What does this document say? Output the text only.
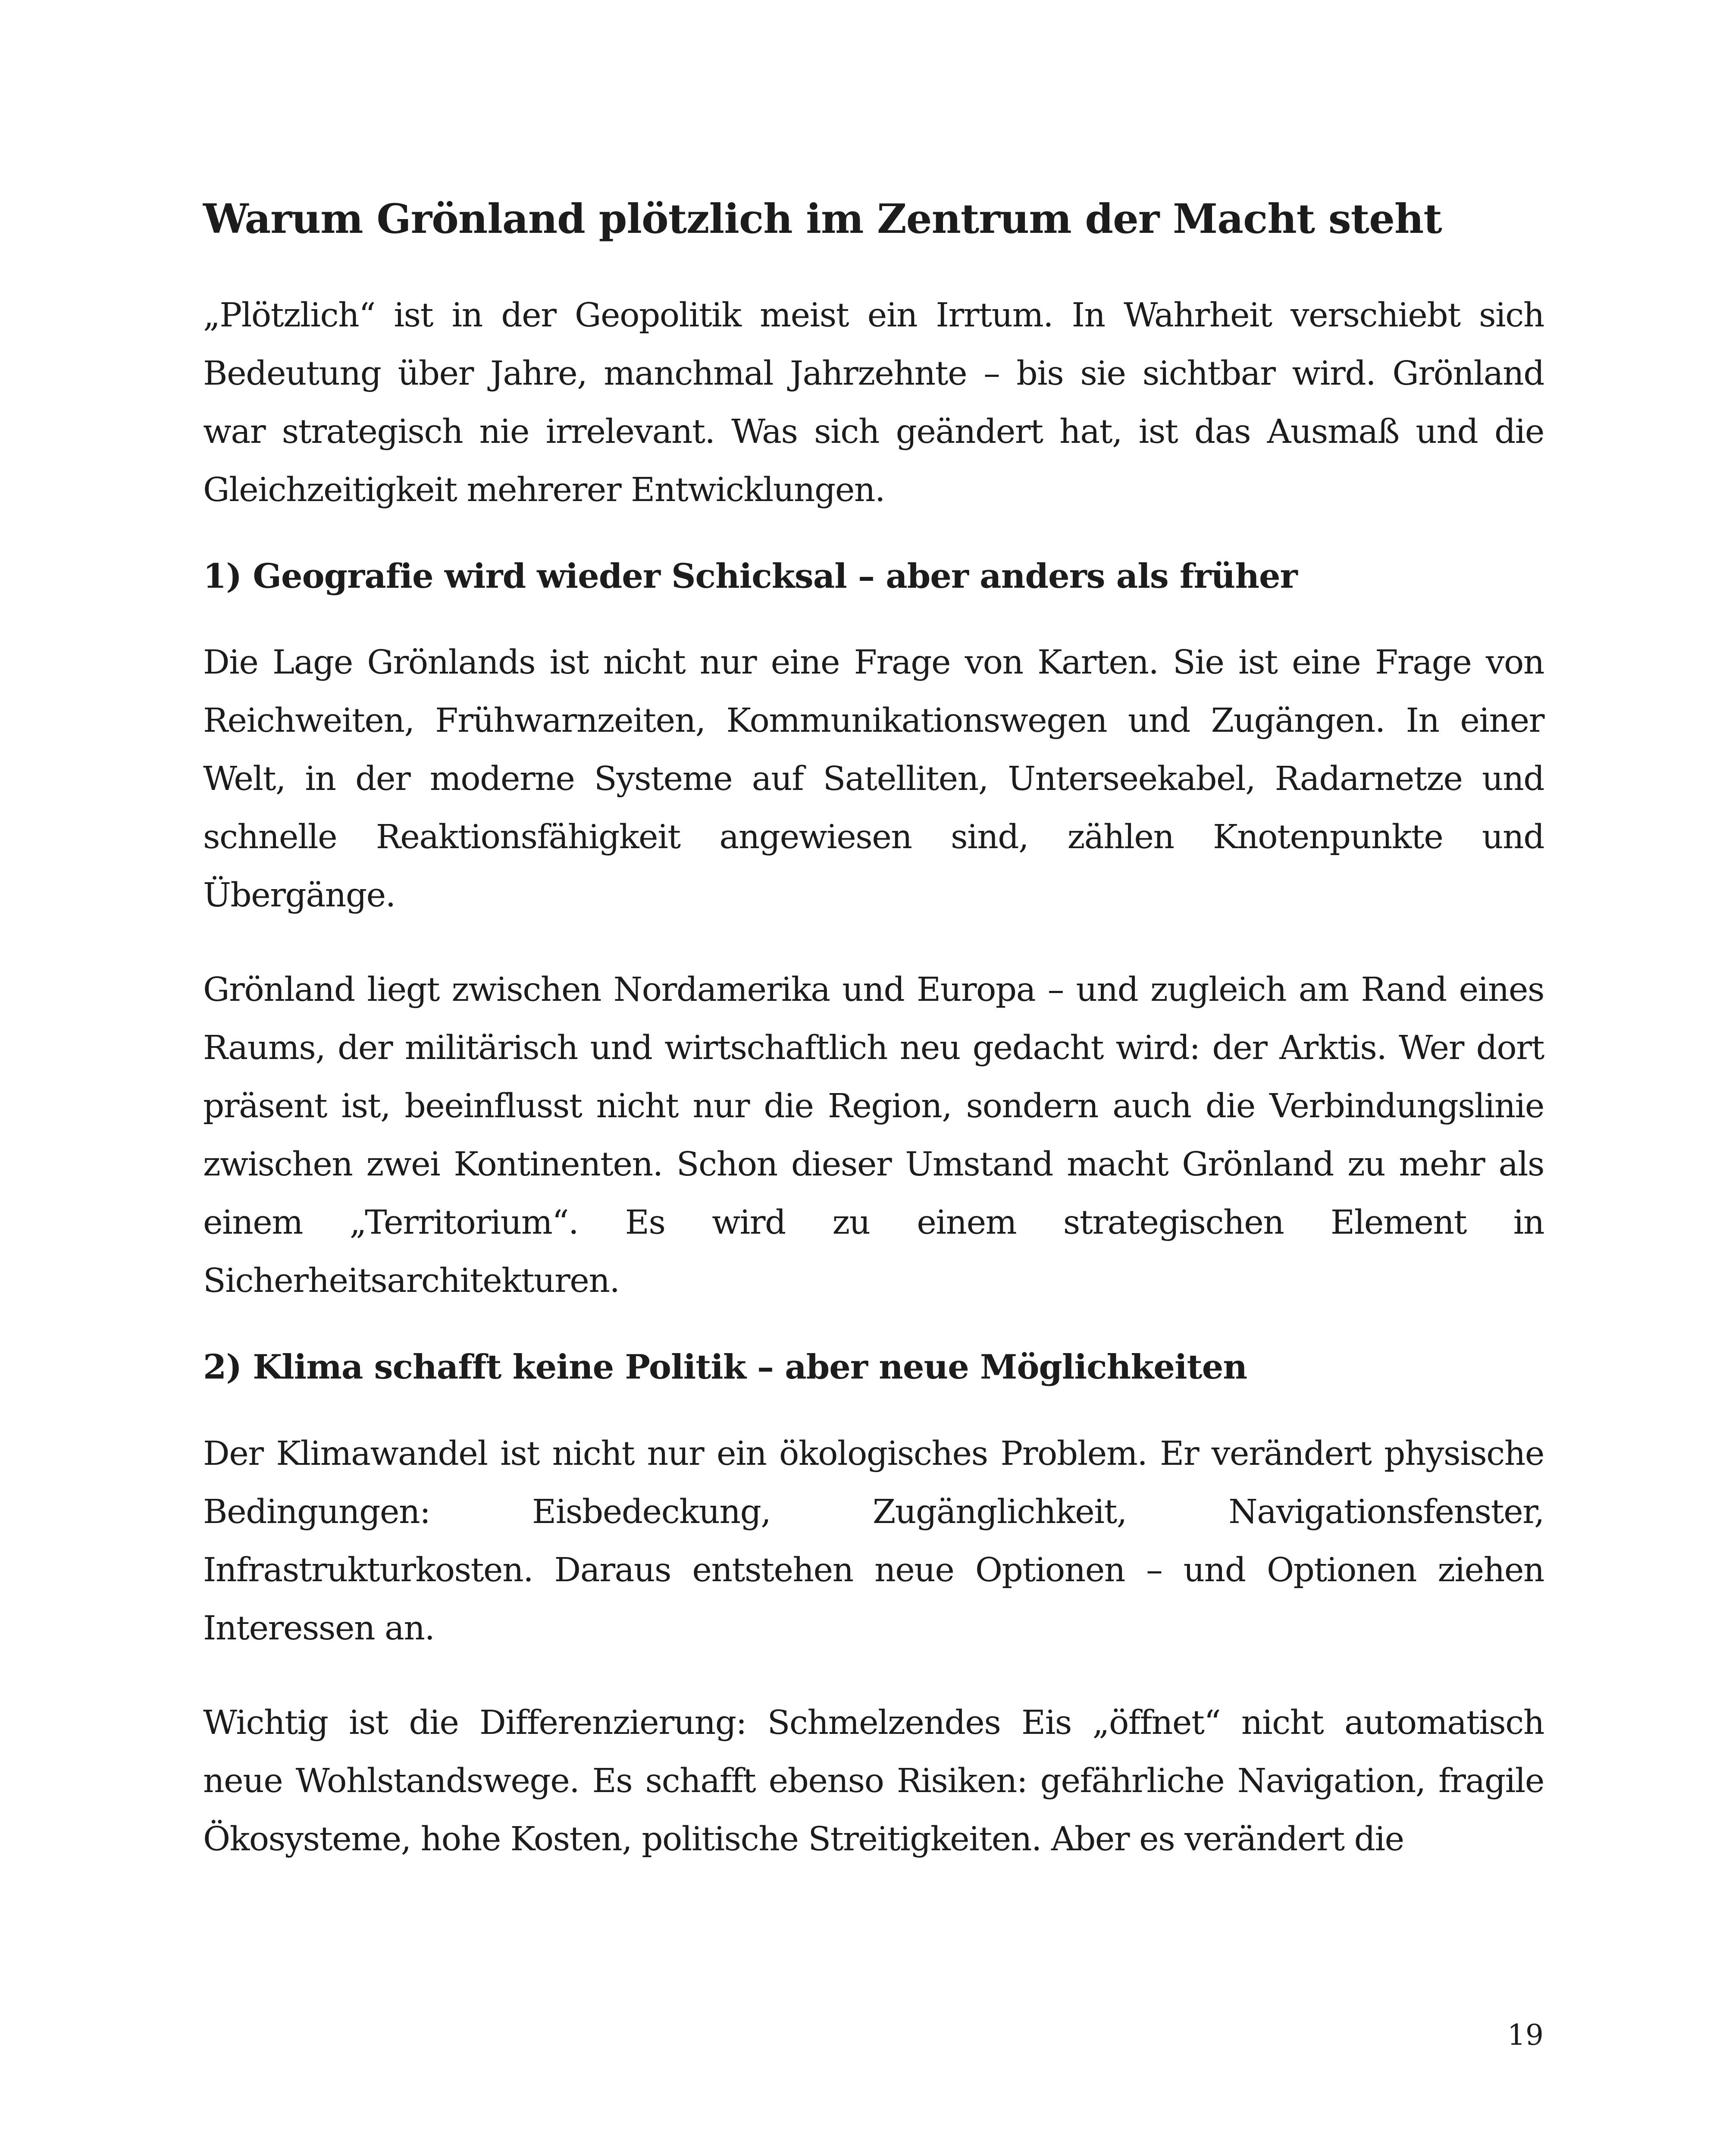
Warum Grönland plötzlich im Zentrum der Macht steht

„Plötzlich“ ist in der Geopolitik meist ein Irrtum. In Wahrheit verschiebt sich Bedeutung über Jahre, manchmal Jahrzehnte – bis sie sichtbar wird. Grönland war strategisch nie irrelevant. Was sich geändert hat, ist das Ausmaß und die Gleichzeitigkeit mehrerer Entwicklungen.

1) Geografie wird wieder Schicksal – aber anders als früher

Die Lage Grönlands ist nicht nur eine Frage von Karten. Sie ist eine Frage von Reichweiten, Frühwarnzeiten, Kommunikationswegen und Zugängen. In einer Welt, in der moderne Systeme auf Satelliten, Unterseekabel, Radarnetze und schnelle Reaktionsfähigkeit angewiesen sind, zählen Knotenpunkte und Übergänge.

Grönland liegt zwischen Nordamerika und Europa – und zugleich am Rand eines Raums, der militärisch und wirtschaftlich neu gedacht wird: der Arktis. Wer dort präsent ist, beeinflusst nicht nur die Region, sondern auch die Verbindungslinie zwischen zwei Kontinenten. Schon dieser Umstand macht Grönland zu mehr als einem „Territorium“. Es wird zu einem strategischen Element in Sicherheitsarchitekturen.

2) Klima schafft keine Politik – aber neue Möglichkeiten

Der Klimawandel ist nicht nur ein ökologisches Problem. Er verändert physische Bedingungen: Eisbedeckung, Zugänglichkeit, Navigationsfenster, Infrastrukturkosten. Daraus entstehen neue Optionen – und Optionen ziehen Interessen an.

Wichtig ist die Differenzierung: Schmelzendes Eis „öffnet“ nicht automatisch neue Wohlstandswege. Es schafft ebenso Risiken: gefährliche Navigation, fragile Ökosysteme, hohe Kosten, politische Streitigkeiten. Aber es verändert die

19
